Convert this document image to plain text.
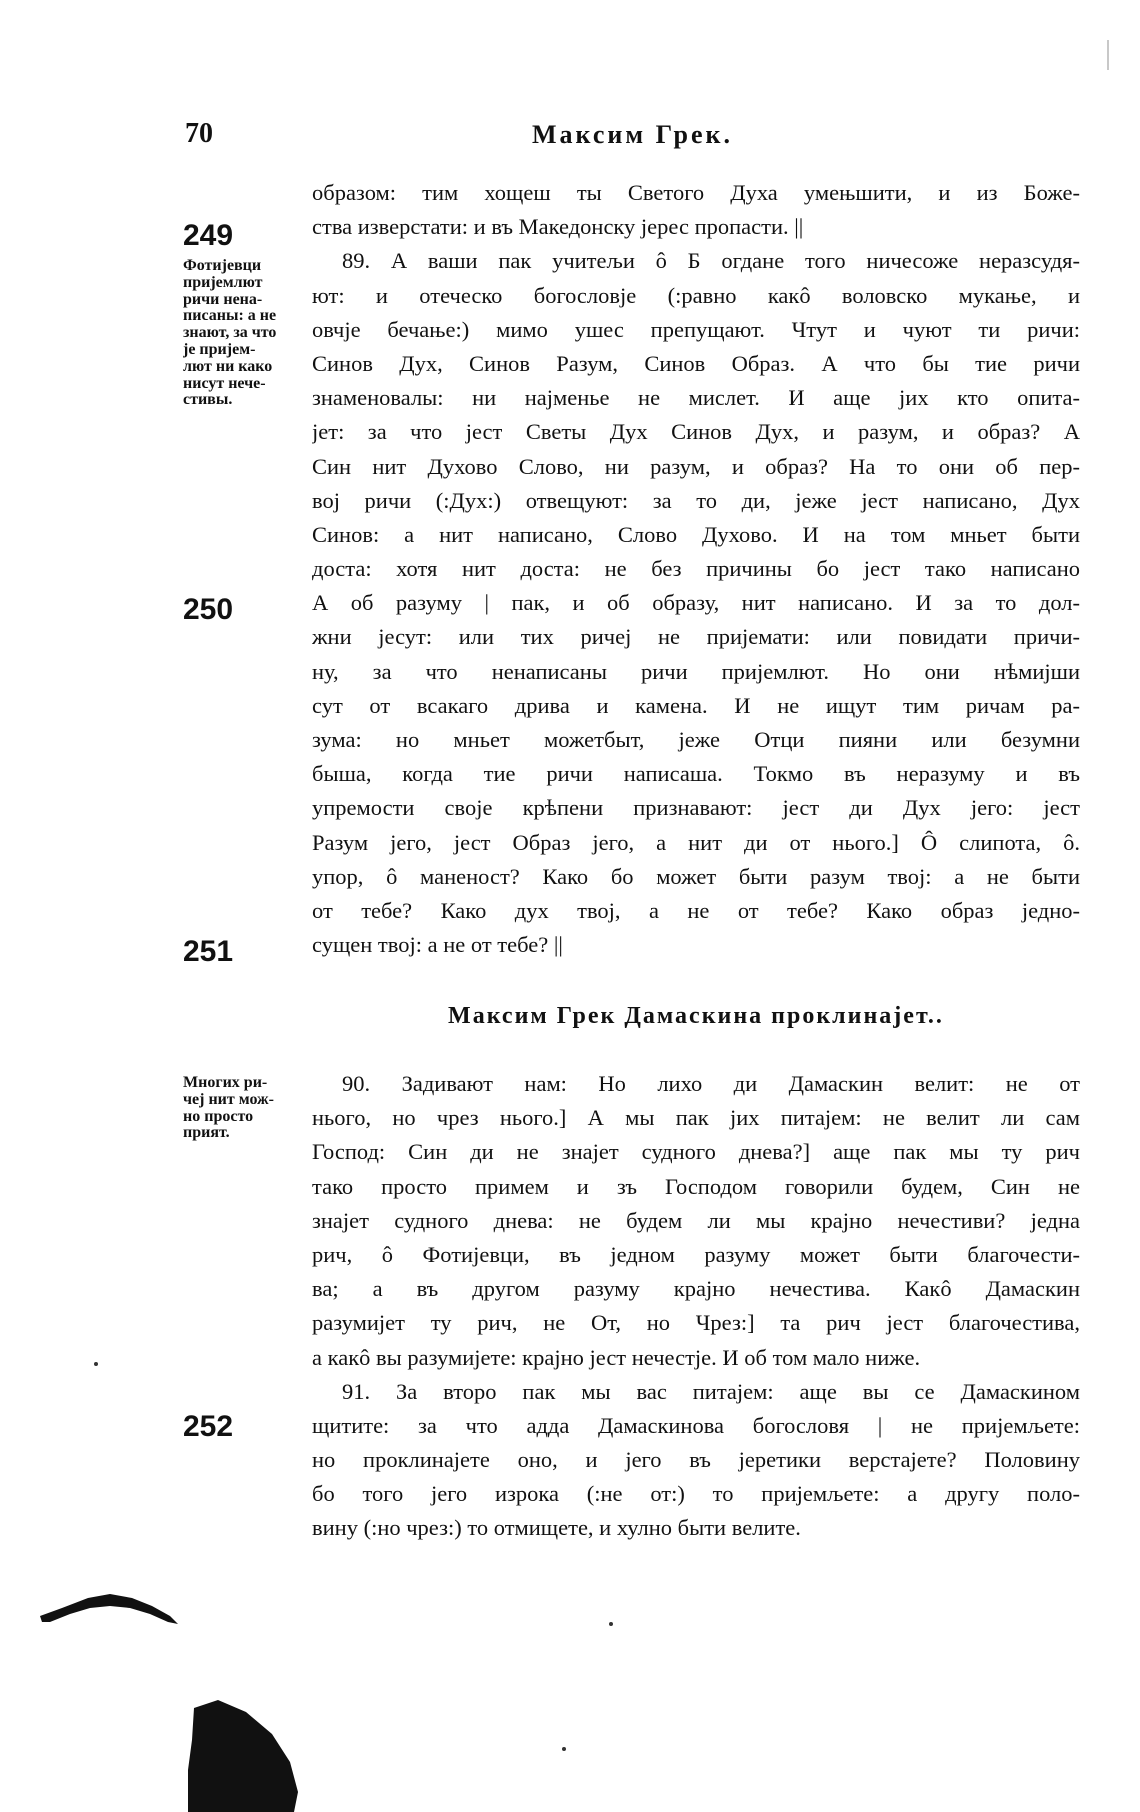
70	Максим Грек.
249
250
251
252
Фотијевци
пријемлют
ричи нена-
писаны: а не
знают, за что
је пријем-
лют ни како
нисут нече-
стивы.
Многих ри-
чеј нит мож-
но просто
прият.
образом: тим хощеш ты Светого Духа умењшити, и из Боже-
ства изверстати: и въ Македонску јерес пропасти. ||
89. А ваши пак учитељи ô Б огдане того ничесоже неразсудя-
ют: и отеческо богословје (:равно какô воловско мукање, и
овчје бечање:) мимо ушес препущают. Чтут и чуют ти ричи:
Синов Дух, Синов Разум, Синов Образ. А что бы тие ричи
знаменовалы: ни најменье не мислет. И аще јих кто опита-
јет: за что јест Светы Дух Синов Дух, и разум, и образ? А
Син нит Духово Слово, ни разум, и образ? На то они об пер-
воj ричи (:Дух:) отвещуют: за то ди, јеже јест написано, Дух
Синов: а нит написано, Слово Духово. И на том мньет быти
доста: хотя нит доста: не без причины бо јест тако написано
А об разуму | пак, и об образу, нит написано. И за то дол-
жни јесут: или тих ричеј не пријемати: или повидати причи-
ну, за что ненаписаны ричи пријемлют. Но они нѣмијши
сут от всакаго дрива и камена. И не ищут тим ричам ра-
зума: но мньет можетбыт, јеже Отци пияни или безумни
быша, когда тие ричи написаша. Токмо въ неразуму и въ
упремости своје крѣпени признавают: јест ди Дух јего: јест
Разум јего, јест Образ јего, а нит ди от нього.] Ô слипота, ô.
упор, ô маненост? Како бо может быти разум твој: а не быти
от тебе? Како дух твој, а не от тебе? Како образ једно-
сущен твој: а не от тебе? ||
Максим Грек Дамаскина проклинајет..
90. Задивают нам: Но лихо ди Дамаскин велит: не от
нього, но чрез нього.] А мы пак јих питајем: не велит ли сам
Господ: Син ди не знајет судного днева?] аще пак мы ту рич
тако просто примем и зъ Господом говорили будем, Син не
знајет судного днева: не будем ли мы крајно нечестиви? једна
рич, ô Фотијевци, въ једном разуму может быти благочести-
ва; а въ другом разуму крајно нечестива. Какô Дамаскин
разумијет ту рич, не От, но Чрез:] та рич јест благочестива,
а какô вы разумијете: крајно јест нечестје. И об том мало ниже.
91. За второ пак мы вас питајем: аще вы се Дамаскином
щитите: за что адда Дамаскинова богословя | не пријемљете:
но проклинајете оно, и јего въ јеретики верстајете? Половину
бо того јего изрока (:не от:) то пријемљете: а другу поло-
вину (:но чрез:) то отмищете, и хулно быти велите.
